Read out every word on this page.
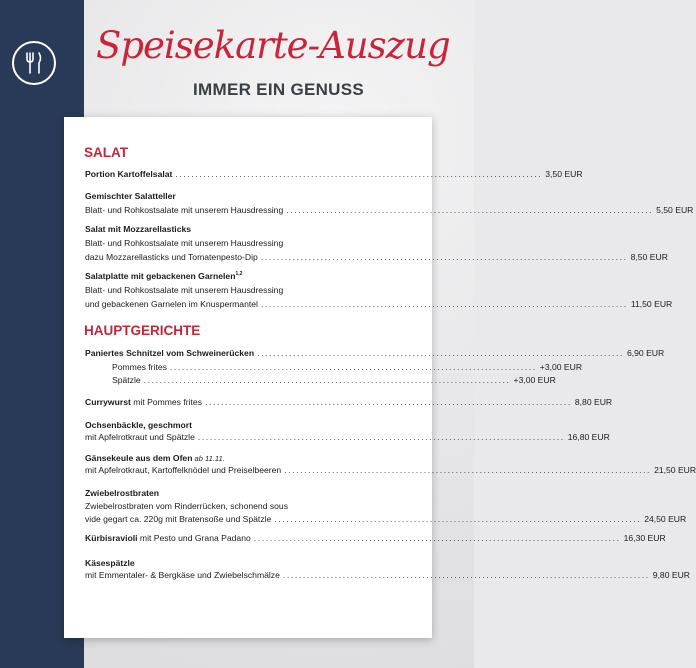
Speisekarte-Auszug
IMMER EIN GENUSS
SALAT
Portion Kartoffelsalat ............................................................................................ 3,50 EUR
Gemischter Salatteller
Blatt- und Rohkostsalate mit unserem Hausdressing ............................................................................................ 5,50 EUR
Salat mit Mozzarellasticks
Blatt- und Rohkostsalate mit unserem Hausdressing
dazu Mozzarellasticks und Tomatenpesto-Dip ............................................................................................ 8,50 EUR
Salatplatte mit gebackenen Garnelen$^{1,2}$
Blatt- und Rohkostsalate mit unserem Hausdressing
und gebackenen Garnelen im Knuspermantel ............................................................................................ 11,50 EUR
HAUPTGERICHTE
Paniertes Schnitzel vom Schweinerücken ............................................................................................ 6,90 EUR
Pommes frites ............................................................................................ +3,00 EUR
Spätzle ............................................................................................ +3,00 EUR
Currywurst mit Pommes frites ............................................................................................ 8,80 EUR
Ochsenbäckle, geschmort
mit Apfelrotkraut und Spätzle ............................................................................................ 16,80 EUR
Gänsekeule aus dem Ofen ab 11.11.
mit Apfelrotkraut, Kartoffelknödel und Preiselbeeren ............................................................................................ 21,50 EUR
Zwiebelrostbraten
Zwiebelrostbraten vom Rinderrücken, schonend sous
vide gegart ca. 220g mit Bratensoße und Spätzle ............................................................................................ 24,50 EUR
Kürbisravioli mit Pesto und Grana Padano ............................................................................................ 16,30 EUR
Käsespätzle
mit Emmentaler- & Bergkäse und Zwiebelschmälze ............................................................................................ 9,80 EUR
